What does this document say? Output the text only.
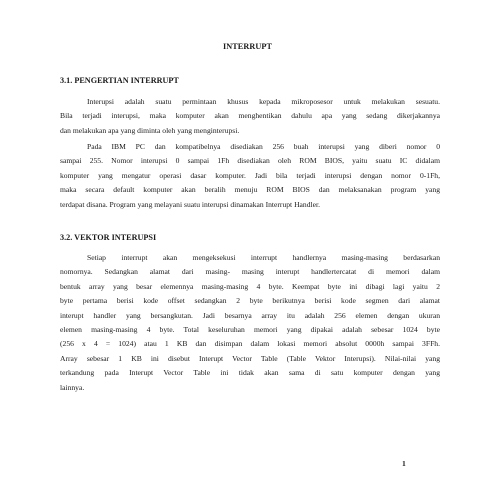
INTERRUPT
3.1. PENGERTIAN INTERRUPT
Interupsi adalah suatu permintaan khusus kepada mikroposesor untuk melakukan sesuatu.
Bila terjadi interupsi, maka komputer akan menghentikan dahulu apa yang sedang dikerjakannya
dan melakukan apa yang diminta oleh yang menginterupsi.
Pada IBM PC dan kompatibelnya disediakan 256 buah interupsi yang diberi nomor 0
sampai 255. Nomor interupsi 0 sampai 1Fh disediakan oleh ROM BIOS, yaitu suatu IC didalam
komputer yang mengatur operasi dasar komputer. Jadi bila terjadi interupsi dengan nomor 0-1Fh,
maka secara default komputer akan beralih menuju ROM BIOS dan melaksanakan program yang
terdapat disana. Program yang melayani suatu interupsi dinamakan Interrupt Handler.
3.2. VEKTOR INTERUPSI
Setiap interrupt akan mengeksekusi interrupt handlernya masing-masing berdasarkan
nomornya. Sedangkan alamat dari masing- masing interupt handlertercatat di memori dalam
bentuk array yang besar elemennya masing-masing 4 byte. Keempat byte ini dibagi lagi yaitu 2
byte pertama berisi kode offset sedangkan 2 byte berikutnya berisi kode segmen dari alamat
interupt handler yang bersangkutan. Jadi besarnya array itu adalah 256 elemen dengan ukuran
elemen masing-masing 4 byte. Total keseluruhan memori yang dipakai adalah sebesar 1024 byte
(256 x 4 = 1024) atau 1 KB dan disimpan dalam lokasi memori absolut 0000h sampai 3FFh.
Array sebesar 1 KB ini disebut Interupt Vector Table (Table Vektor Interupsi). Nilai-nilai yang
terkandung pada Interupt Vector Table ini tidak akan sama di satu komputer dengan yang
lainnya.
1
